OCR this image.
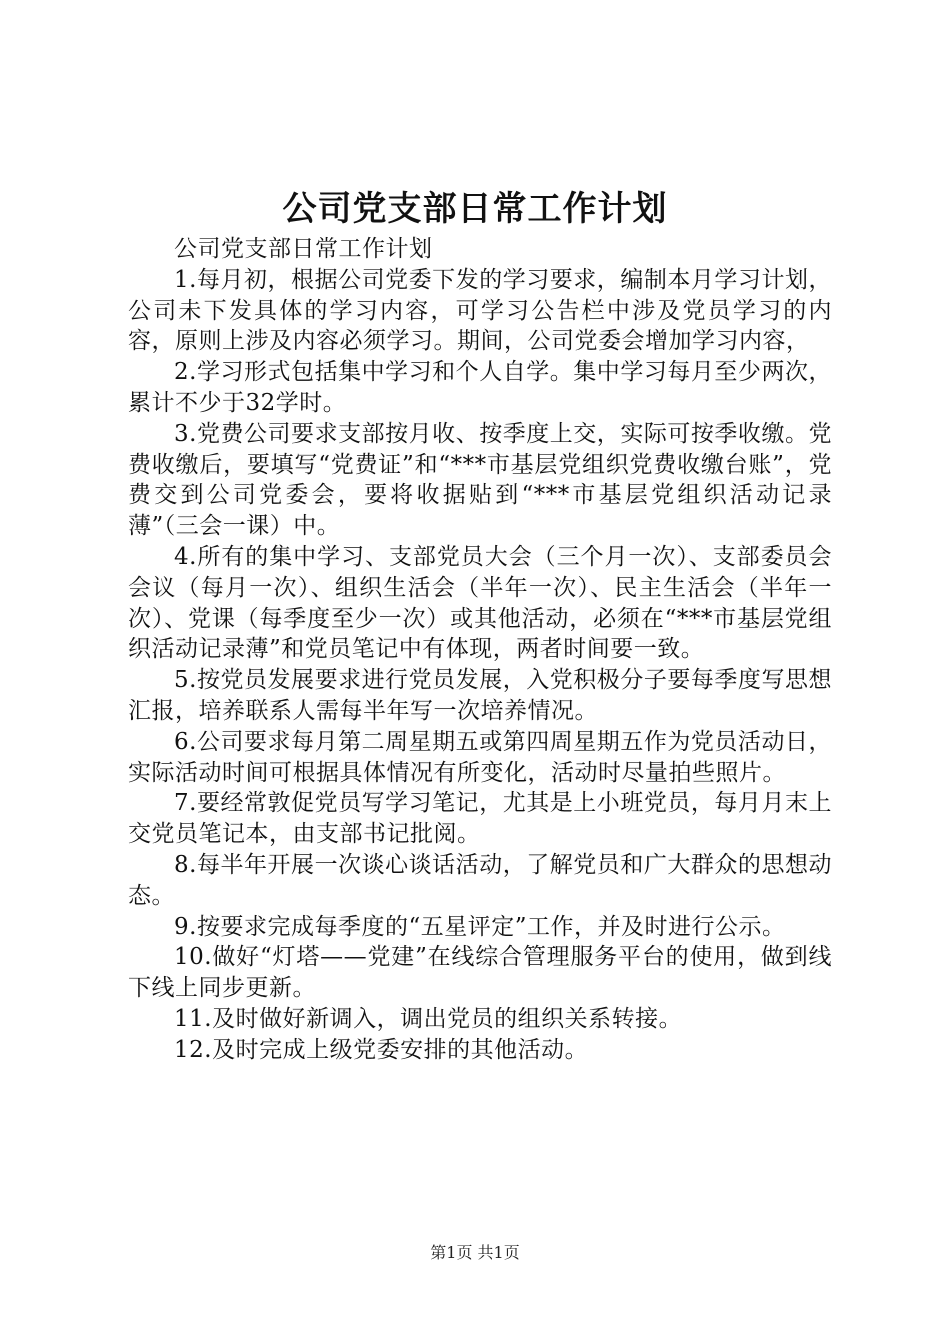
公司党支部日常工作计划

公司党支部日常工作计划

1.每月初，根据公司党委下发的学习要求，编制本月学习计划，公司未下发具体的学习内容，可学习公告栏中涉及党员学习的内容，原则上涉及内容必须学习。期间，公司党委会增加学习内容，

2.学习形式包括集中学习和个人自学。集中学习每月至少两次，累计不少于32学时。

3.党费公司要求支部按月收、按季度上交，实际可按季收缴。党费收缴后，要填写“党费证”和“***市基层党组织党费收缴台账”，党费交到公司党委会，要将收据贴到“***市基层党组织活动记录薄”（三会一课）中。

4.所有的集中学习、支部党员大会（三个月一次）、支部委员会会议（每月一次）、组织生活会（半年一次）、民主生活会（半年一次）、党课（每季度至少一次）或其他活动，必须在“***市基层党组织活动记录薄”和党员笔记中有体现，两者时间要一致。

5.按党员发展要求进行党员发展，入党积极分子要每季度写思想汇报，培养联系人需每半年写一次培养情况。

6.公司要求每月第二周星期五或第四周星期五作为党员活动日，实际活动时间可根据具体情况有所变化，活动时尽量拍些照片。

7.要经常敦促党员写学习笔记，尤其是上小班党员，每月月末上交党员笔记本，由支部书记批阅。

8.每半年开展一次谈心谈话活动，了解党员和广大群众的思想动态。

9.按要求完成每季度的“五星评定”工作，并及时进行公示。

10.做好“灯塔——党建”在线综合管理服务平台的使用，做到线下线上同步更新。

11.及时做好新调入，调出党员的组织关系转接。

12.及时完成上级党委安排的其他活动。

第1页 共1页
